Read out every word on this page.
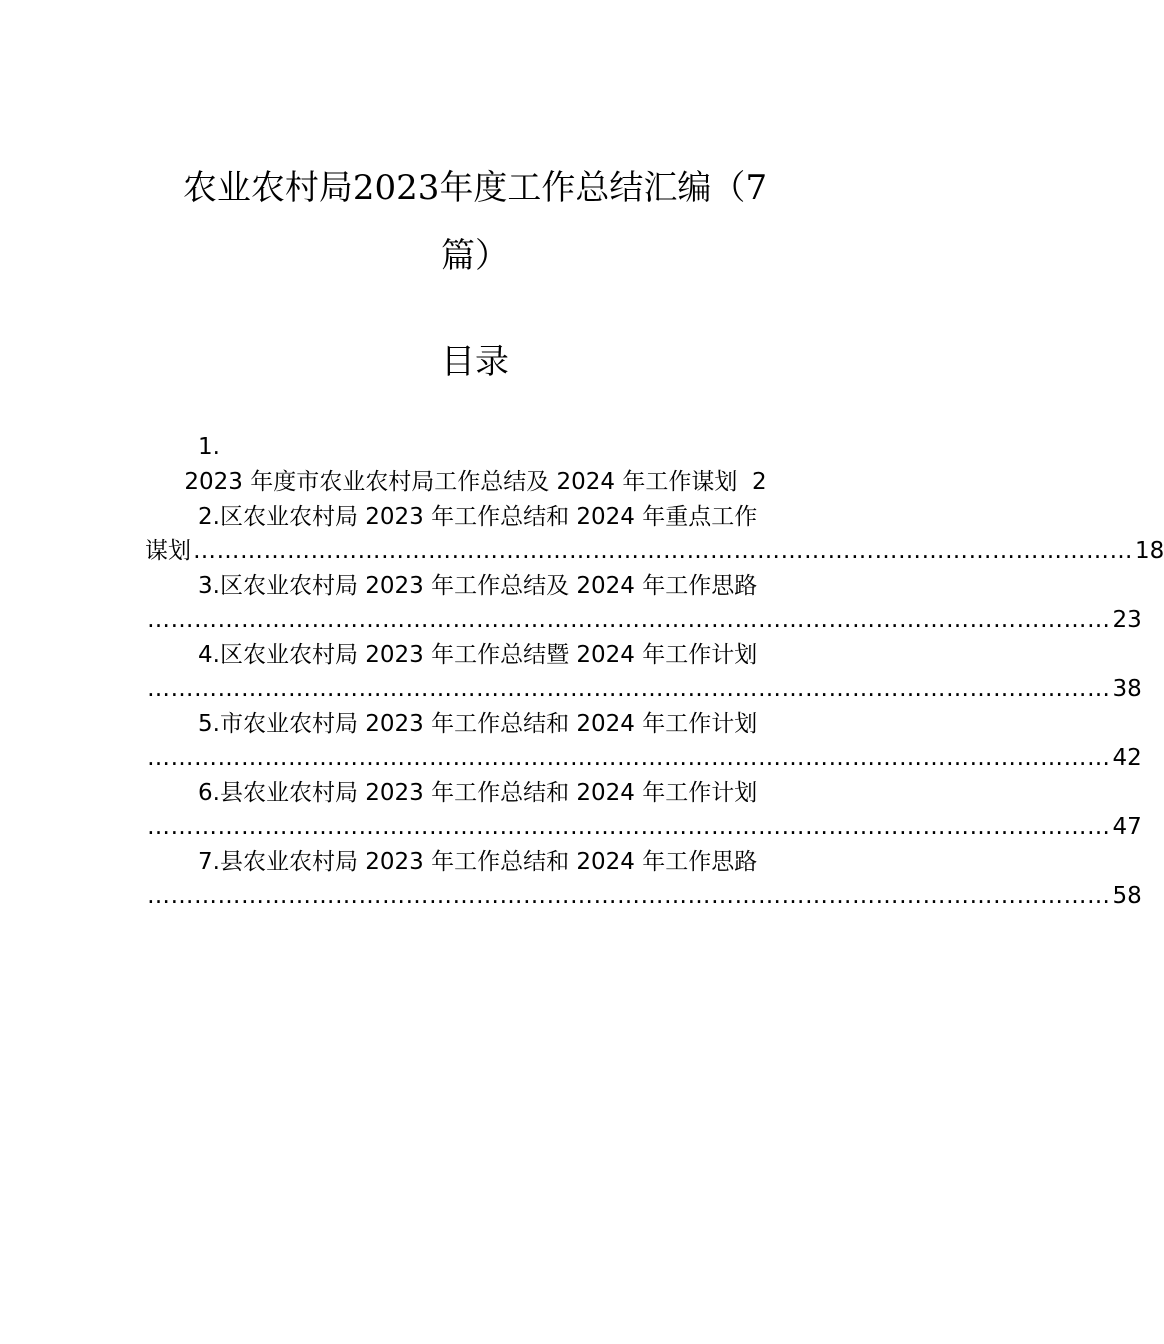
农业农村局2023年度工作总结汇编（7
篇）
目录
1.
2023 年度市农业农村局工作总结及 2024 年工作谋划 2
2.区农业农村局 2023 年工作总结和 2024 年重点工作
谋划 ………………………………………………………………………………………………………… 18
3.区农业农村局 2023 年工作总结及 2024 年工作思路
…………………………………………………………………………………………………………… 23
4.区农业农村局 2023 年工作总结暨 2024 年工作计划
…………………………………………………………………………………………………………… 38
5.市农业农村局 2023 年工作总结和 2024 年工作计划
…………………………………………………………………………………………………………… 42
6.县农业农村局 2023 年工作总结和 2024 年工作计划
…………………………………………………………………………………………………………… 47
7.县农业农村局 2023 年工作总结和 2024 年工作思路
…………………………………………………………………………………………………………… 58
